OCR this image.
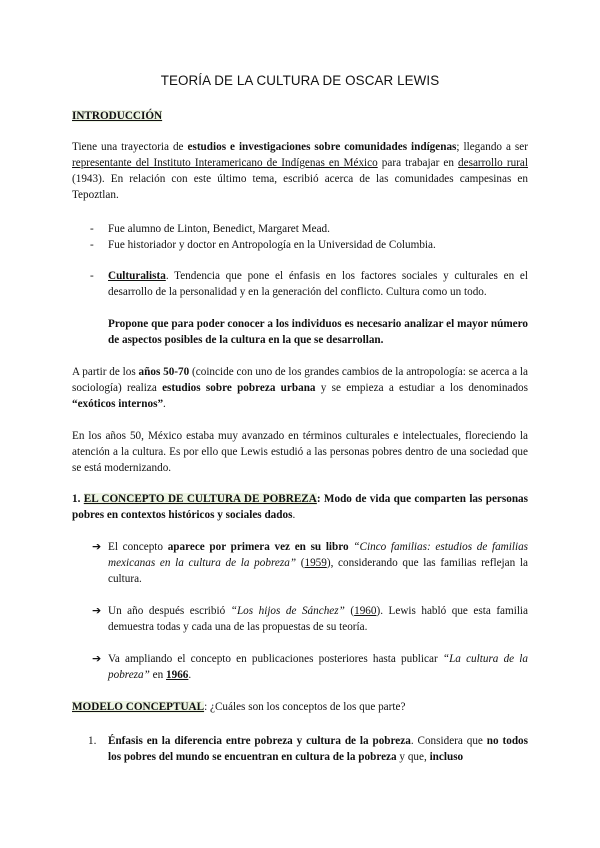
TEORÍA DE LA CULTURA DE OSCAR LEWIS
INTRODUCCIÓN
Tiene una trayectoria de estudios e investigaciones sobre comunidades indígenas; llegando a ser representante del Instituto Interamericano de Indígenas en México para trabajar en desarrollo rural (1943). En relación con este último tema, escribió acerca de las comunidades campesinas en Tepoztlan.
-	Fue alumno de Linton, Benedict, Margaret Mead.
-	Fue historiador y doctor en Antropología en la Universidad de Columbia.
-	Culturalista. Tendencia que pone el énfasis en los factores sociales y culturales en el desarrollo de la personalidad y en la generación del conflicto. Cultura como un todo.
Propone que para poder conocer a los individuos es necesario analizar el mayor número de aspectos posibles de la cultura en la que se desarrollan.
A partir de los años 50-70 (coincide con uno de los grandes cambios de la antropología: se acerca a la sociología) realiza estudios sobre pobreza urbana y se empieza a estudiar a los denominados “exóticos internos”.
En los años 50, México estaba muy avanzado en términos culturales e intelectuales, floreciendo la atención a la cultura. Es por ello que Lewis estudió a las personas pobres dentro de una sociedad que se está modernizando.
1. EL CONCEPTO DE CULTURA DE POBREZA: Modo de vida que comparten las personas pobres en contextos históricos y sociales dados.
➔ El concepto aparece por primera vez en su libro “Cinco familias: estudios de familias mexicanas en la cultura de la pobreza” (1959), considerando que las familias reflejan la cultura.
➔ Un año después escribió “Los hijos de Sánchez” (1960). Lewis habló que esta familia demuestra todas y cada una de las propuestas de su teoría.
➔ Va ampliando el concepto en publicaciones posteriores hasta publicar “La cultura de la pobreza” en 1966.
MODELO CONCEPTUAL: ¿Cuáles son los conceptos de los que parte?
1.	Énfasis en la diferencia entre pobreza y cultura de la pobreza. Considera que no todos los pobres del mundo se encuentran en cultura de la pobreza y que, incluso
